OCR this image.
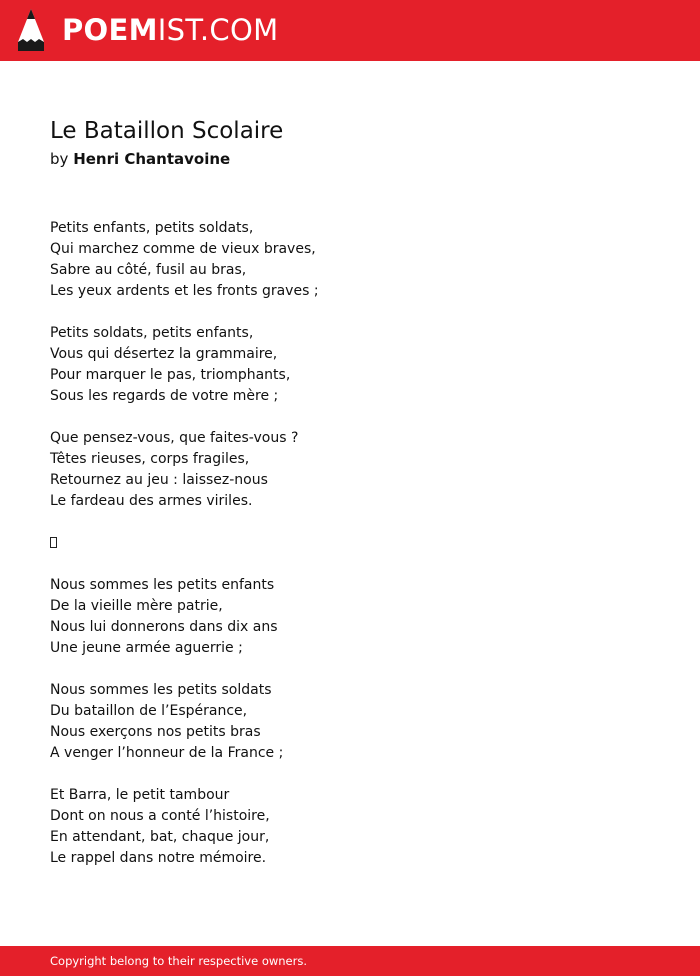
POEMIST.COM
Le Bataillon Scolaire
by Henri Chantavoine
Petits enfants, petits soldats,
Qui marchez comme de vieux braves,
Sabre au côté, fusil au bras,
Les yeux ardents et les fronts graves ;
Petits soldats, petits enfants,
Vous qui désertez la grammaire,
Pour marquer le pas, triomphants,
Sous les regards de votre mère ;
Que pensez-vous, que faites-vous ?
Têtes rieuses, corps fragiles,
Retournez au jeu : laissez-nous
Le fardeau des armes viriles.
Nous sommes les petits enfants
De la vieille mère patrie,
Nous lui donnerons dans dix ans
Une jeune armée aguerrie ;
Nous sommes les petits soldats
Du bataillon de l’Espérance,
Nous exerçons nos petits bras
A venger l’honneur de la France ;
Et Barra, le petit tambour
Dont on nous a conté l’histoire,
En attendant, bat, chaque jour,
Le rappel dans notre mémoire.
Copyright belong to their respective owners.
